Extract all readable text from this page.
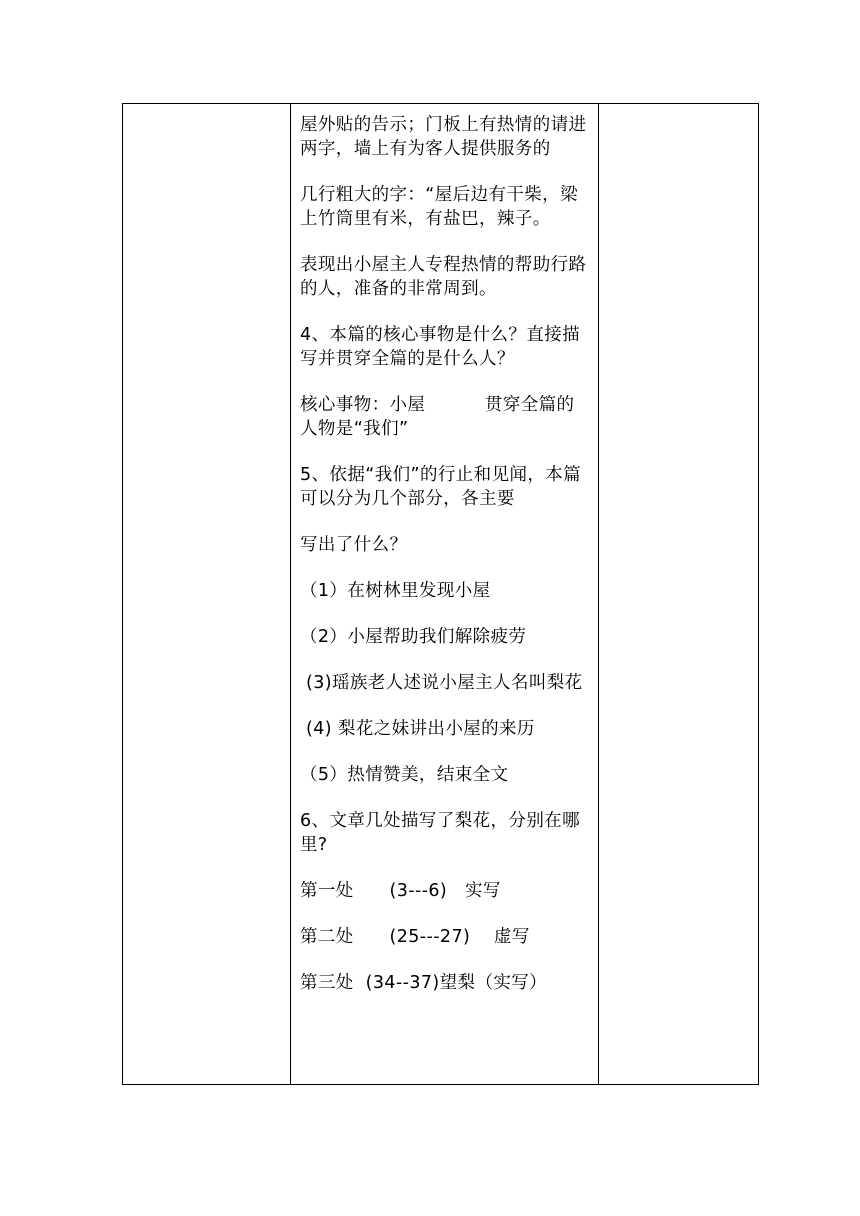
屋外贴的告示；门板上有热情的请进两字，墙上有为客人提供服务的

几行粗大的字：“屋后边有干柴，梁上竹筒里有米，有盐巴，辣子。

表现出小屋主人专程热情的帮助行路的人，准备的非常周到。

4、本篇的核心事物是什么？直接描写并贯穿全篇的是什么人？

核心事物：小屋          贯穿全篇的人物是“我们”

5、依据“我们”的行止和见闻，本篇可以分为几个部分，各主要

写出了什么？

（1）在树林里发现小屋

（2）小屋帮助我们解除疲劳

(3)瑶族老人述说小屋主人名叫梨花

(4) 梨花之妹讲出小屋的来历

（5）热情赞美，结束全文

6、文章几处描写了梨花，分别在哪里?

第一处      (3---6)   实写

第二处      (25---27)    虚写

第三处  (34--37)望梨（实写）
